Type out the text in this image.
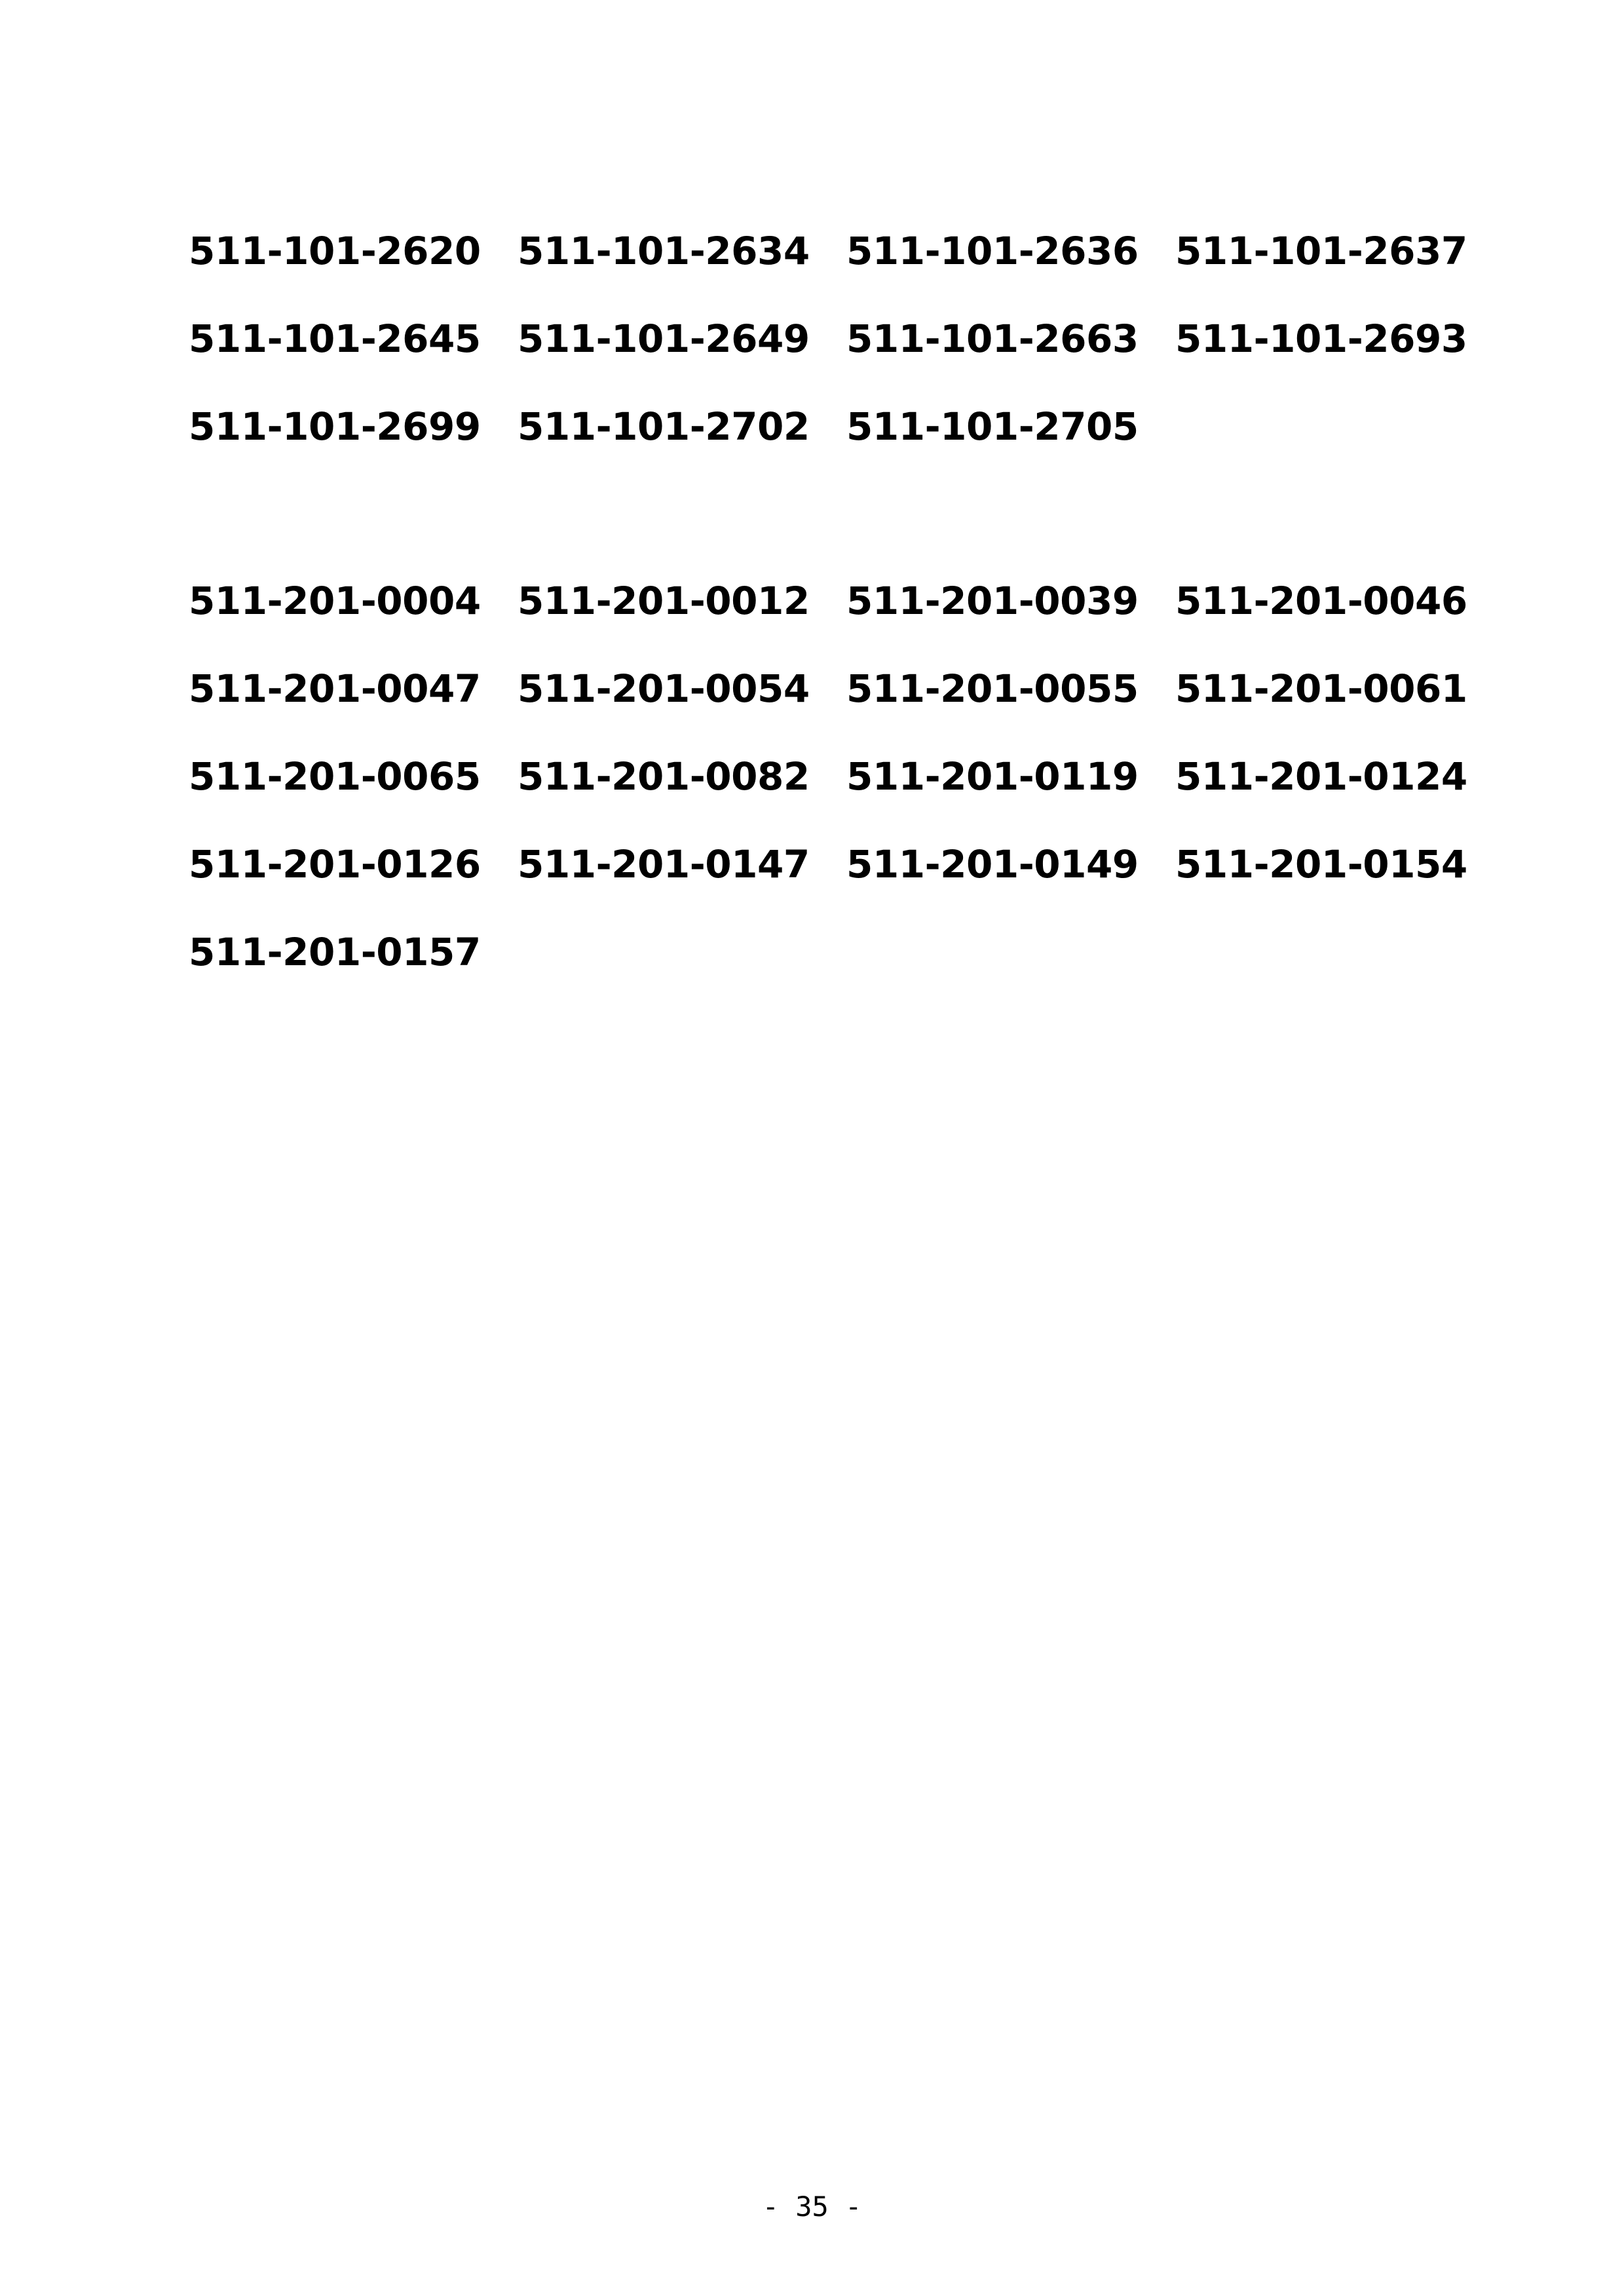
511-101-2620 511-101-2634 511-101-2636 511-101-2637
511-101-2645 511-101-2649 511-101-2663 511-101-2693
511-101-2699 511-101-2702 511-101-2705
511-201-0004 511-201-0012 511-201-0039 511-201-0046
511-201-0047 511-201-0054 511-201-0055 511-201-0061
511-201-0065 511-201-0082 511-201-0119 511-201-0124
511-201-0126 511-201-0147 511-201-0149 511-201-0154
511-201-0157
- 35 -
